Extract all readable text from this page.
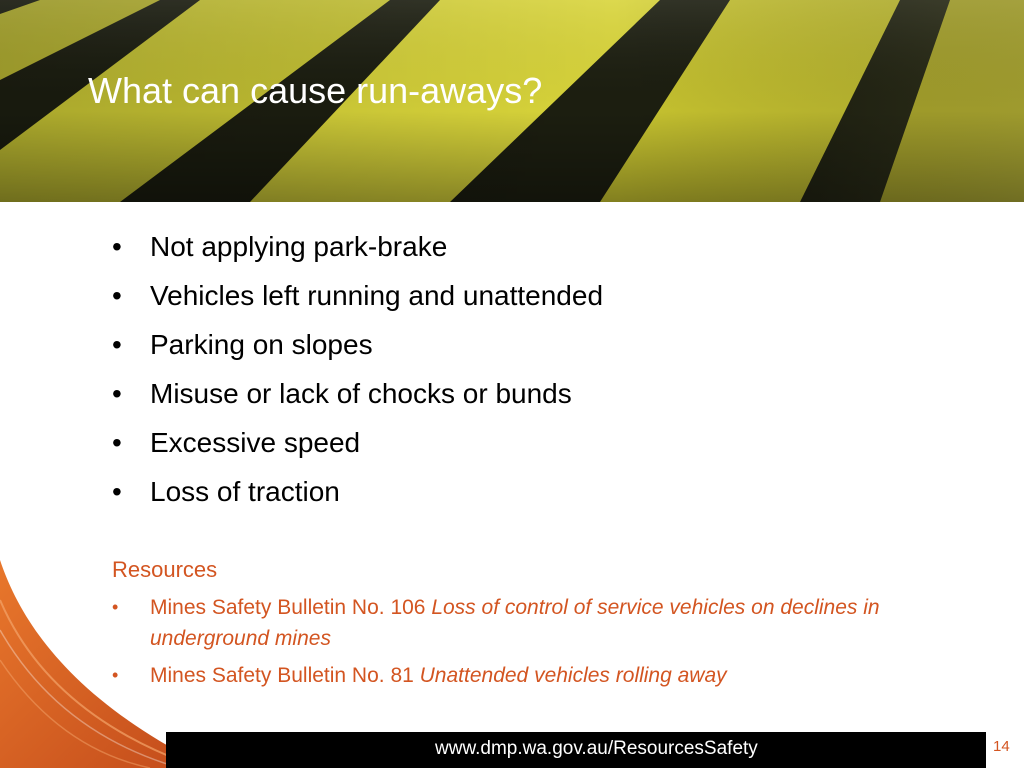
What can cause run-aways?
• Not applying park-brake
• Vehicles left running and unattended
• Parking on slopes
• Misuse or lack of chocks or bunds
• Excessive speed
• Loss of traction
Resources
• Mines Safety Bulletin No. 106 Loss of control of service vehicles on declines in underground mines
• Mines Safety Bulletin No. 81 Unattended vehicles rolling away
www.dmp.wa.gov.au/ResourcesSafety	14
